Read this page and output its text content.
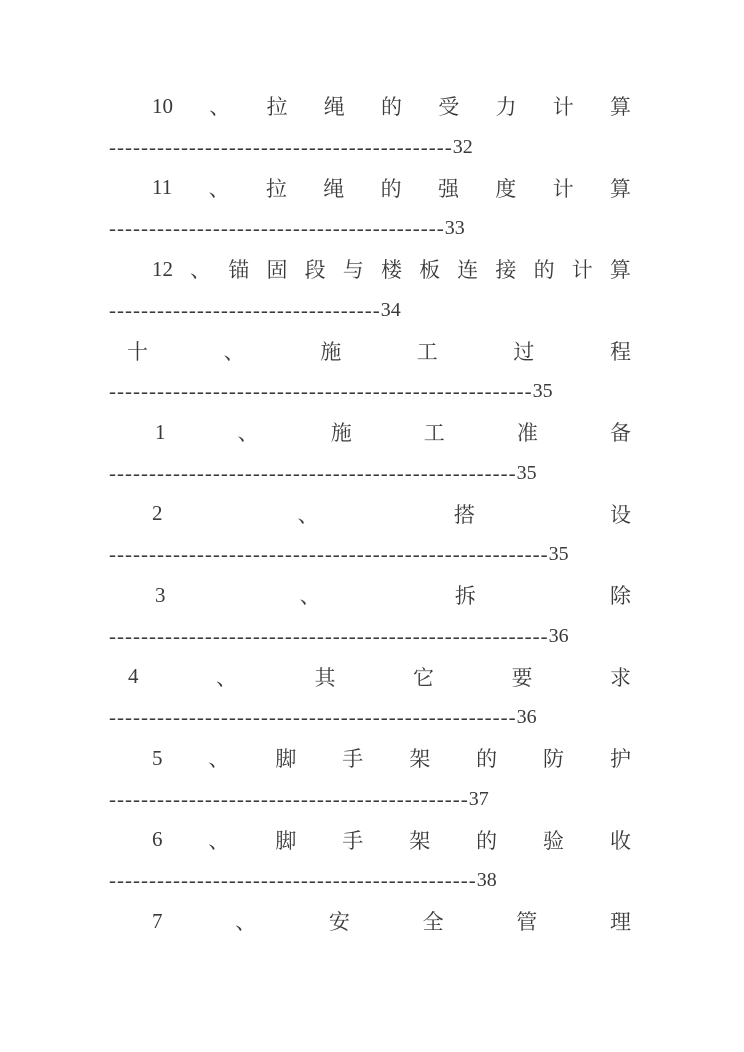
10 、 拉 绳 的 受 力 计 算
------------------------------------------- 32
11 、 拉 绳 的 强 度 计 算
------------------------------------------ 33
12 、 锚 固 段 与 楼 板 连 接 的 计 算
---------------------------------- 34
十	、	施	工	过	程
----------------------------------------------------- 35
1	、	施	工	准	备
--------------------------------------------------- 35
2	、	搭	设
------------------------------------------------------- 35
3	、	拆	除
------------------------------------------------------- 36
4	、	其	它	要	求
--------------------------------------------------- 36
5 、 脚 手 架 的 防 护
--------------------------------------------- 37
6 、 脚 手 架 的 验 收
---------------------------------------------- 38
7	、	安	全	管	理
